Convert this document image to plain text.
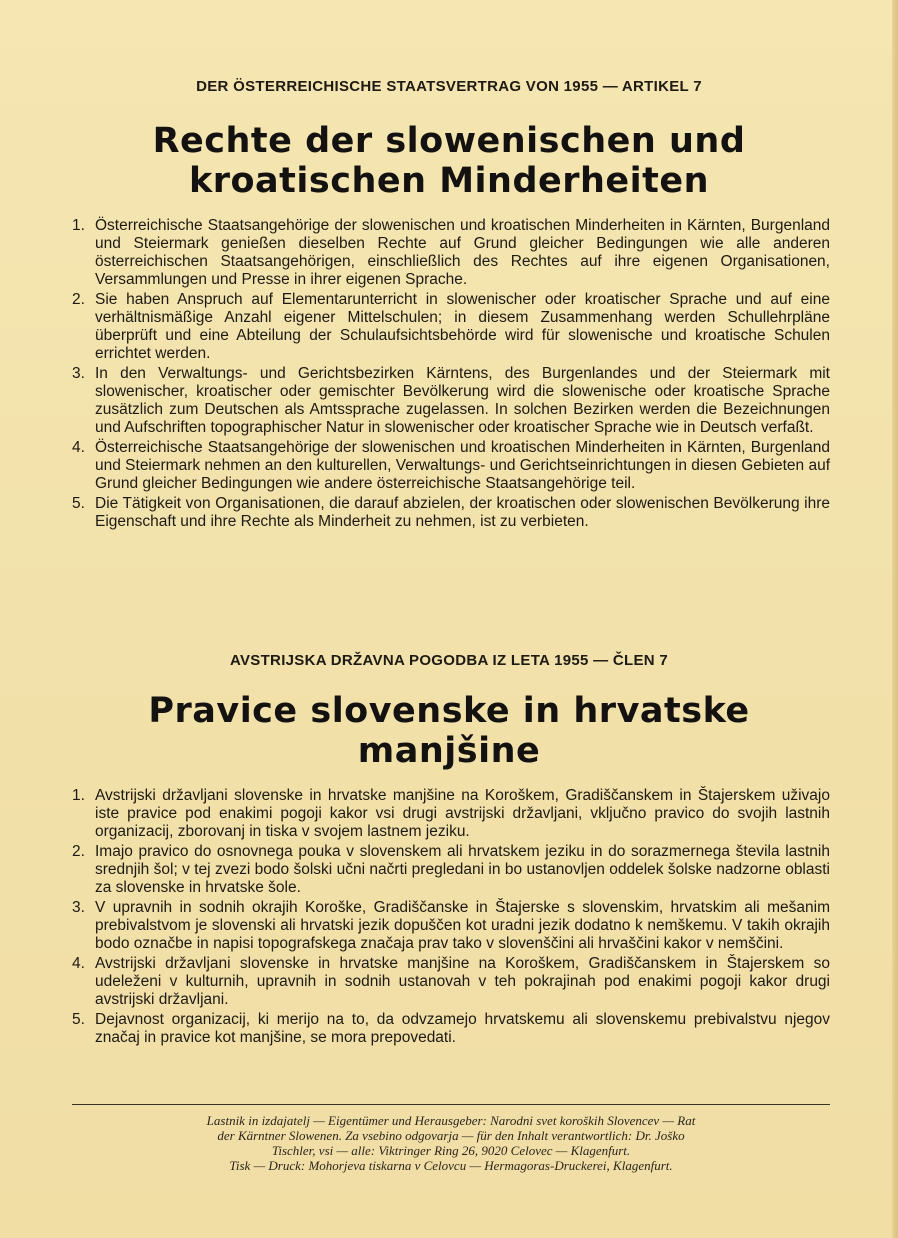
DER ÖSTERREICHISCHE STAATSVERTRAG VON 1955 — ARTIKEL 7

Rechte der slowenischen und
kroatischen Minderheiten
1. Österreichische Staatsangehörige der slowenischen und kroatischen Minderheiten in Kärnten, Burgenland und Steiermark genießen dieselben Rechte auf Grund gleicher Bedingungen wie alle anderen österreichischen Staatsangehörigen, einschließlich des Rechtes auf ihre eigenen Organisationen, Versammlungen und Presse in ihrer eigenen Sprache.
2. Sie haben Anspruch auf Elementarunterricht in slowenischer oder kroatischer Sprache und auf eine verhältnismäßige Anzahl eigener Mittelschulen; in diesem Zusammenhang werden Schullehrpläne überprüft und eine Abteilung der Schulaufsichtsbehörde wird für slowenische und kroatische Schulen errichtet werden.
3. In den Verwaltungs- und Gerichtsbezirken Kärntens, des Burgenlandes und der Steiermark mit slowenischer, kroatischer oder gemischter Bevölkerung wird die slowenische oder kroatische Sprache zusätzlich zum Deutschen als Amtssprache zugelassen. In solchen Bezirken werden die Bezeichnungen und Aufschriften topographischer Natur in slowenischer oder kroatischer Sprache wie in Deutsch verfaßt.
4. Österreichische Staatsangehörige der slowenischen und kroatischen Minderheiten in Kärnten, Burgenland und Steiermark nehmen an den kulturellen, Verwaltungs- und Gerichtseinrichtungen in diesen Gebieten auf Grund gleicher Bedingungen wie andere österreichische Staatsangehörige teil.
5. Die Tätigkeit von Organisationen, die darauf abzielen, der kroatischen oder slowenischen Bevölkerung ihre Eigenschaft und ihre Rechte als Minderheit zu nehmen, ist zu verbieten.

AVSTRIJSKA DRŽAVNA POGODBA IZ LETA 1955 — ČLEN 7

Pravice slovenske in hrvatske
manjšine
1. Avstrijski državljani slovenske in hrvatske manjšine na Koroškem, Gradiščanskem in Štajerskem uživajo iste pravice pod enakimi pogoji kakor vsi drugi avstrijski državljani, vključno pravico do svojih lastnih organizacij, zborovanj in tiska v svojem lastnem jeziku.
2. Imajo pravico do osnovnega pouka v slovenskem ali hrvatskem jeziku in do sorazmernega števila lastnih srednjih šol; v tej zvezi bodo šolski učni načrti pregledani in bo ustanovljen oddelek šolske nadzorne oblasti za slovenske in hrvatske šole.
3. V upravnih in sodnih okrajih Koroške, Gradiščanske in Štajerske s slovenskim, hrvatskim ali mešanim prebivalstvom je slovenski ali hrvatski jezik dopuščen kot uradni jezik dodatno k nemškemu. V takih okrajih bodo označbe in napisi topografskega značaja prav tako v slovenščini ali hrvaščini kakor v nemščini.
4. Avstrijski državljani slovenske in hrvatske manjšine na Koroškem, Gradiščanskem in Štajerskem so udeleženi v kulturnih, upravnih in sodnih ustanovah v teh pokrajinah pod enakimi pogoji kakor drugi avstrijski državljani.
5. Dejavnost organizacij, ki merijo na to, da odvzamejo hrvatskemu ali slovenskemu prebivalstvu njegov značaj in pravice kot manjšine, se mora prepovedati.

Lastnik in izdajatelj — Eigentümer und Herausgeber: Narodni svet koroških Slovencev — Rat

der Kärntner Slowenen. Za vsebino odgovarja — für den Inhalt verantwortlich: Dr. Joško

Tischler, vsi — alle: Viktringer Ring 26, 9020 Celovec — Klagenfurt.

Tisk — Druck: Mohorjeva tiskarna v Celovcu — Hermagoras-Druckerei, Klagenfurt.
